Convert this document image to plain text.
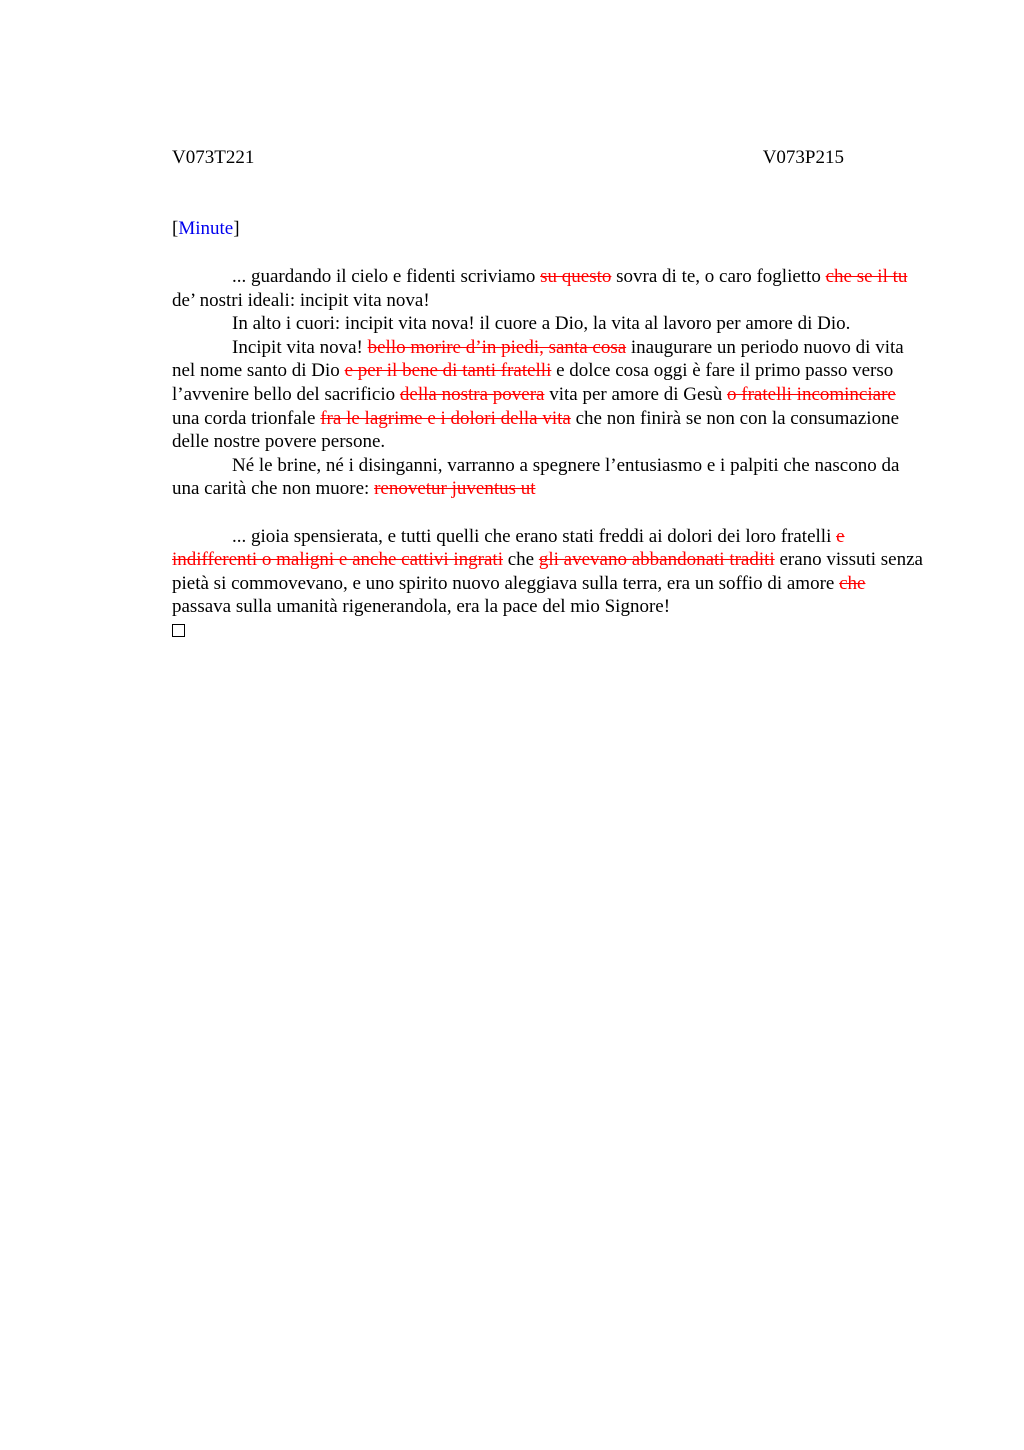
V073T221	V073P215
[Minute]

... guardando il cielo e fidenti scriviamo su questo sovra di te, o caro foglietto che se il tu de’ nostri ideali: incipit vita nova!

In alto i cuori: incipit vita nova! il cuore a Dio, la vita al lavoro per amore di Dio.

Incipit vita nova! bello morire d’in piedi, santa cosa inaugurare un periodo nuovo di vita nel nome santo di Dio e per il bene di tanti fratelli e dolce cosa oggi è fare il primo passo verso l’avvenire bello del sacrificio della nostra povera vita per amore di Gesù o fratelli incominciare una corda trionfale fra le lagrime e i dolori della vita che non finirà se non con la consumazione delle nostre povere persone.

Né le brine, né i disinganni, varranno a spegnere l’entusiasmo e i palpiti che nascono da una carità che non muore: renovetur juventus ut

... gioia spensierata, e tutti quelli che erano stati freddi ai dolori dei loro fratelli e indifferenti o maligni e anche cattivi ingrati che gli avevano abbandonati traditi erano vissuti senza pietà si commovevano, e uno spirito nuovo aleggiava sulla terra, era un soffio di amore che passava sulla umanità rigenerandola, era la pace del mio Signore!
